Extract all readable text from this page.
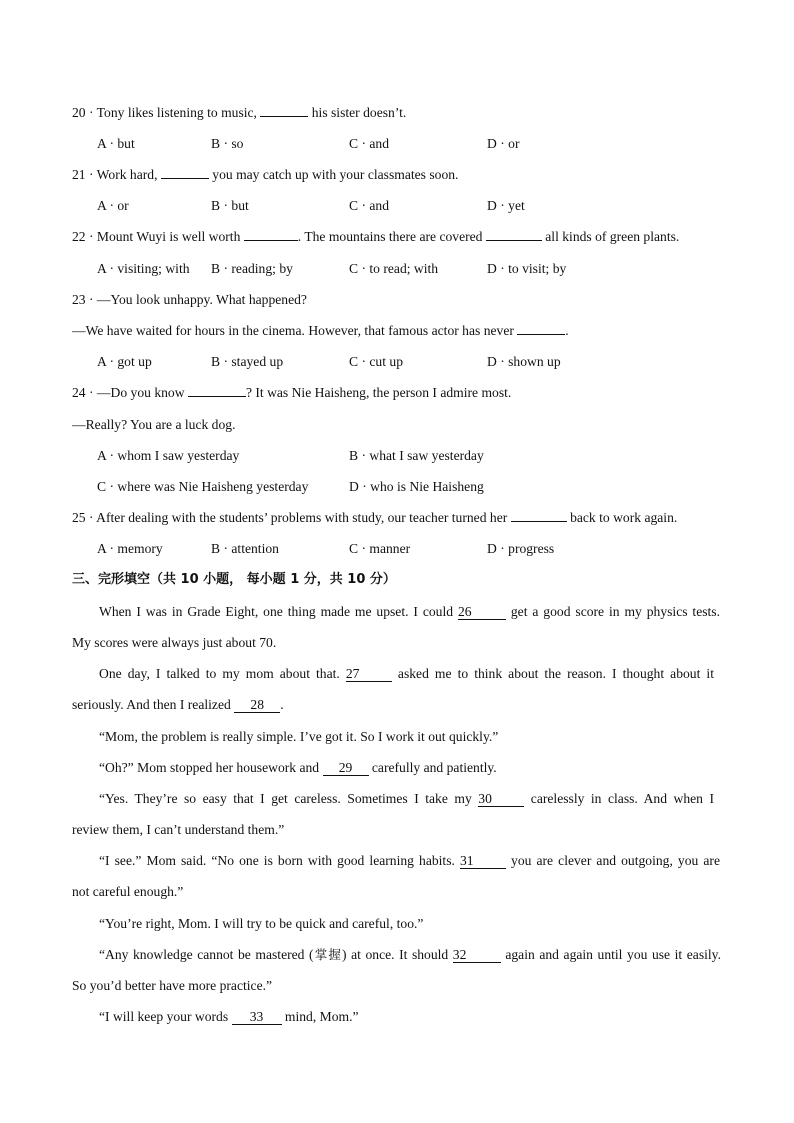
20 · Tony likes listening to music,	his sister doesn’t.
A · but	B · so	C · and	D · or
21 · Work hard,	you may catch up with your classmates soon.
A · or	B · but	C · and	D · yet
22 · Mount Wuyi is well worth	. The mountains there are covered	all kinds of green plants.
A · visiting; with B · reading; by	C · to read; with	D · to visit; by
23 · —You look unhappy. What happened?
—We have waited for hours in the cinema. However, that famous actor has never	.
A · got up	B · stayed up	C · cut up	D · shown up
24 · —Do you know	? It was Nie Haisheng, the person I admire most.
—Really? You are a luck dog.
A · whom I saw yesterday	B · what I saw yesterday
C · where was Nie Haisheng yesterday	D · who is Nie Haisheng
25 · After dealing with the students’ problems with study, our teacher turned her	back to work again.
A · memory	B · attention	C · manner	D · progress
三、完形填空（共 10 小题， 每小题 1 分，共 10 分）
When I was in Grade Eight, one thing made me upset. I could 26	get a good score in my physics tests.
My scores were always just about 70.
One day, I talked to my mom about that. 27 asked me to think about the reason. I thought about it
seriously. And then I realized 28 .
“Mom, the problem is really simple. I’ve got it. So I work it out quickly.”
“Oh?” Mom stopped her housework and 29 carefully and patiently.
“Yes. They’re so easy that I get careless. Sometimes I take my 30 carelessly in class. And when I
review them, I can’t understand them.”
“I see.” Mom said. “No one is born with good learning habits. 31 you are clever and outgoing, you are
not careful enough.”
“You’re right, Mom. I will try to be quick and careful, too.”
“Any knowledge cannot be mastered (掌握) at once. It should 32	again and again until you use it easily.
So you’d better have more practice.”
“I will keep your words 33 mind, Mom.”
